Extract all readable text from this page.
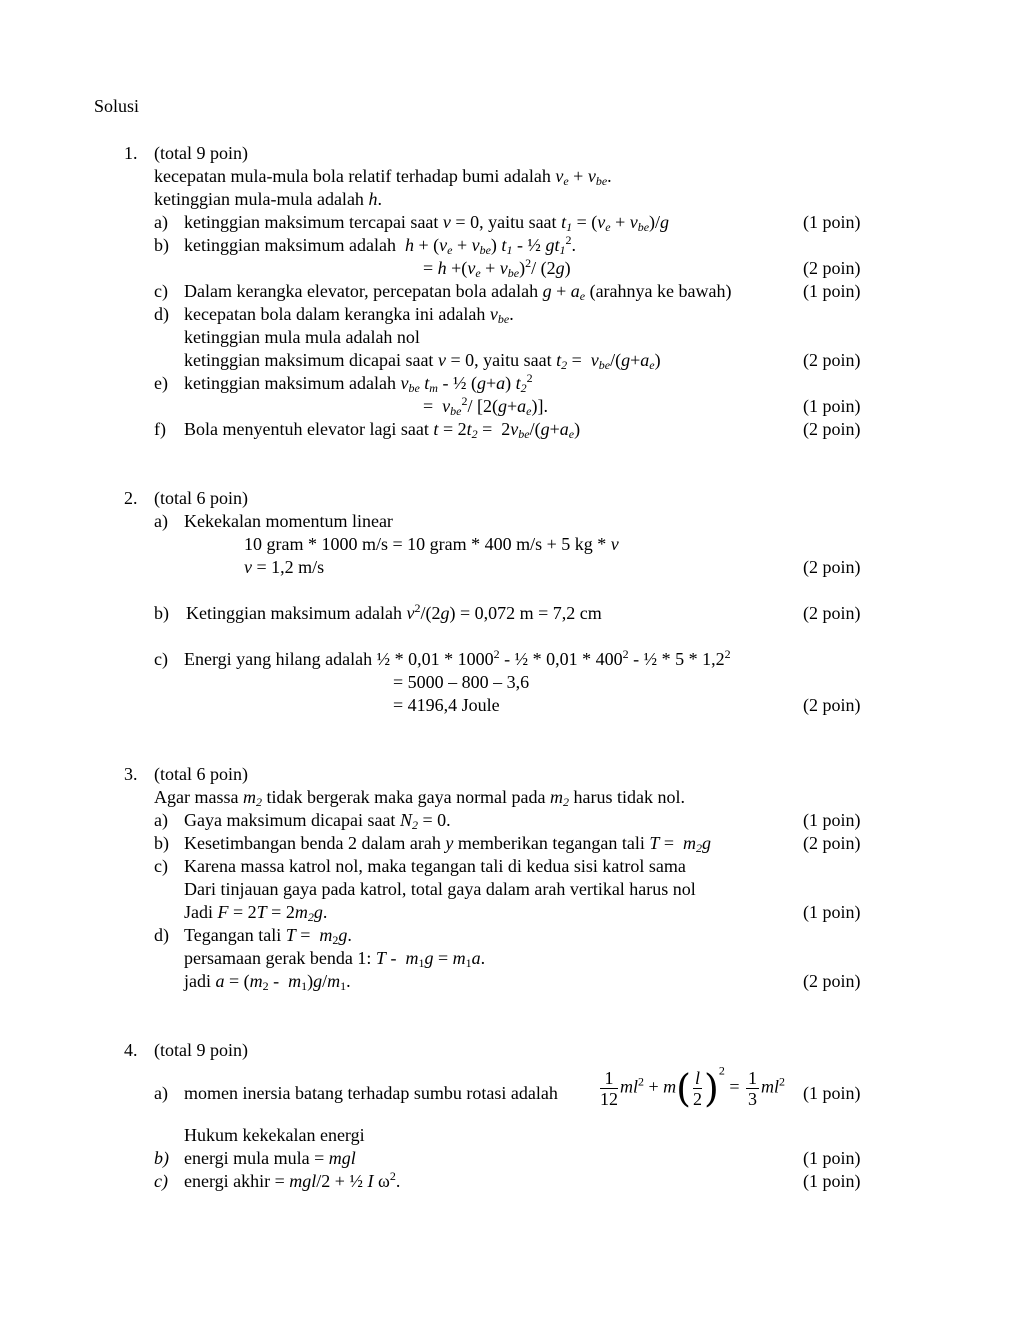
Solusi
1. (total 9 poin)
kecepatan mula-mula bola relatif terhadap bumi adalah $v_e + v_{be}$.
ketinggian mula-mula adalah h.
a) ketinggian maksimum tercapai saat v = 0, yaitu saat $t_1 = (v_e + v_{be})/g$	(1 poin)
b) ketinggian maksimum adalah $h + (v_e + v_{be})$ $t_1$ - ½ $gt_1^2$.
= $h +(v_e + v_{be})^2/$ (2g)	(2 poin)
c) Dalam kerangka elevator, percepatan bola adalah $g + a_e$ (arahnya ke bawah)	(1 poin)
d) kecepatan bola dalam kerangka ini adalah $v_{be}$.
ketinggian mula mula adalah nol
ketinggian maksimum dicapai saat v = 0, yaitu saat $t_2 = v_{be}/(g+a_e)$	(2 poin)
e) ketinggian maksimum adalah $v_{be}$ $t_m$ - ½ (g+a) $t_2^2$
=  $v_{be}^2/$ $[2(g+a_e)]$.	(1 poin)
f) Bola menyentuh elevator lagi saat $t = 2t_2 = 2v_{be}/(g+a_e)$	(2 poin)
2. (total 6 poin)
a) Kekekalan momentum linear
10 gram * 1000 m/s = 10 gram * 400 m/s + 5 kg * v
v = 1,2 m/s	(2 poin)
b) Ketinggian maksimum adalah $v^2/(2g) = 0,072$ m = 7,2 cm	(2 poin)
c) Energi yang hilang adalah ½ * 0,01 * 1000$^2$ - ½ * $0,01 * 400^2$ - ½ * $5 * 1,2^2$
= 5000 – 800 – 3,6
= 4196,4 Joule	(2 poin)
3. (total 6 poin)
Agar massa $m_2$ tidak bergerak maka gaya normal pada $m_2$ harus tidak nol.
a) Gaya maksimum dicapai saat $N_2 = 0$.	(1 poin)
b) Kesetimbangan benda 2 dalam arah y memberikan tegangan tali $T = m_2g$	(2 poin)
c) Karena massa katrol nol, maka tegangan tali di kedua sisi katrol sama
Dari tinjauan gaya pada katrol, total gaya dalam arah vertikal harus nol
Jadi $F = 2T = 2m_2g$.	(1 poin)
d) Tegangan tali $T = m_2g$.
persamaan gerak benda 1: $T - m_1g = m_1a$.
jadi $a = (m_2 - m_1)g/m_1$.	(2 poin)
4. (total 9 poin)
a) momen inersia batang terhadap sumbu rotasi adalah $\frac{1}{12} ml^2 + m( \frac{l}{2} )^2 = \frac{1}{3} ml^2$
(1 poin)
Hukum kekekalan energi
b) energi mula mula = mgl	(1 poin)
c) energi akhir = mgl/2 + ½ I $\omega^2$.	(1 poin)
